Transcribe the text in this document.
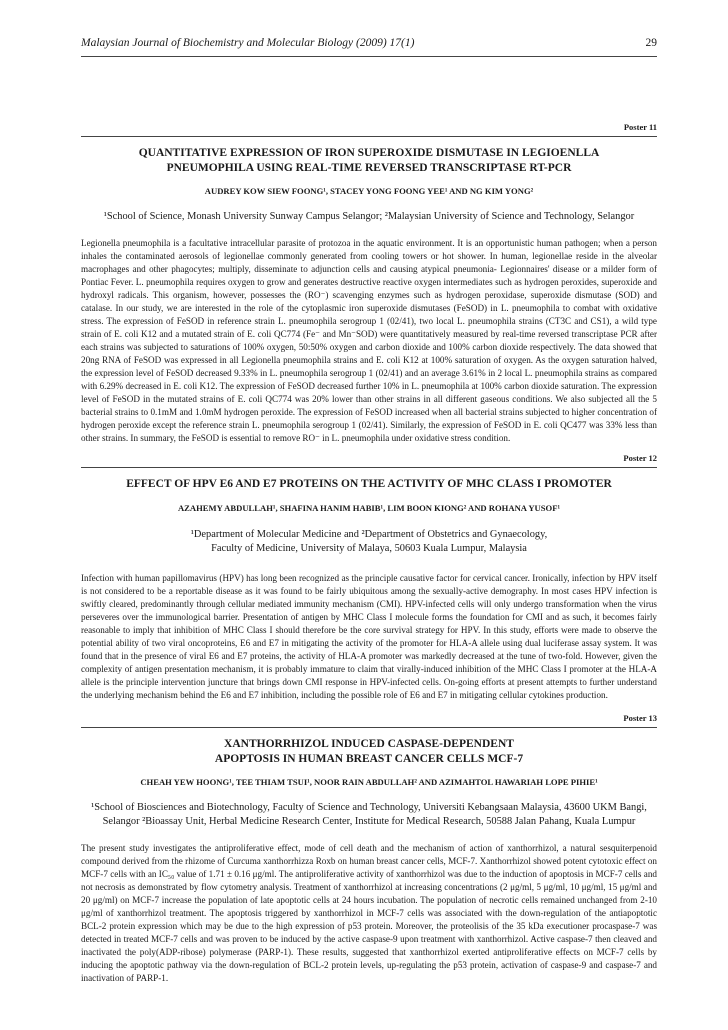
Malaysian Journal of Biochemistry and Molecular Biology (2009) 17(1)	29
Poster 11
QUANTITATIVE EXPRESSION OF IRON SUPEROXIDE DISMUTASE IN LEGIOENLLA
PNEUMOPHILA USING REAL-TIME REVERSED TRANSCRIPTASE RT-PCR
AUDREY KOW SIEW FOONG¹, STACEY YONG FOONG YEE¹ AND NG KIM YONG²
¹School of Science, Monash University Sunway Campus Selangor; ²Malaysian University of Science and Technology, Selangor

Legionella pneumophila is a facultative intracellular parasite of protozoa in the aquatic environment. It is an opportunistic human pathogen; when a person inhales the contaminated aerosols of legionellae commonly generated from cooling towers or hot shower. In human, legionellae reside in the alveolar macrophages and other phagocytes; multiply, disseminate to adjunction cells and causing atypical pneumonia- Legionnaires' disease or a milder form of Pontiac Fever. L. pneumophila requires oxygen to grow and generates destructive reactive oxygen intermediates such as hydrogen peroxides, superoxide and hydroxyl radicals. This organism, however, possesses the (RO⁻) scavenging enzymes such as hydrogen peroxidase, superoxide dismutase (SOD) and catalase. In our study, we are interested in the role of the cytoplasmic iron superoxide dismutases (FeSOD) in L. pneumophila to combat with oxidative stress. The expression of FeSOD in reference strain L. pneumophila serogroup 1 (02/41), two local L. pneumophila strains (CT3C and CS1), a wild type strain of E. coli K12 and a mutated strain of E. coli QC774 (Fe⁻ and Mn⁻SOD) were quantitatively measured by real-time reversed transcriptase PCR after each strains was subjected to saturations of 100% oxygen, 50:50% oxygen and carbon dioxide and 100% carbon dioxide respectively. The data showed that 20ng RNA of FeSOD was expressed in all Legionella pneumophila strains and E. coli K12 at 100% saturation of oxygen. As the oxygen saturation halved, the expression level of FeSOD decreased 9.33% in L. pneumophila serogroup 1 (02/41) and an average 3.61% in 2 local L. pneumophila strains as compared with 6.29% decreased in E. coli K12. The expression of FeSOD decreased further 10% in L. pneumophila at 100% carbon dioxide saturation. The expression level of FeSOD in the mutated strains of E. coli QC774 was 20% lower than other strains in all different gaseous conditions. We also subjected all the 5 bacterial strains to 0.1mM and 1.0mM hydrogen peroxide. The expression of FeSOD increased when all bacterial strains subjected to higher concentration of hydrogen peroxide except the reference strain L. pneumophila serogroup 1 (02/41). Similarly, the expression of FeSOD in E. coli QC477 was 33% less than other strains. In summary, the FeSOD is essential to remove RO⁻ in L. pneumophila under oxidative stress condition.

Poster 12
EFFECT OF HPV E6 AND E7 PROTEINS ON THE ACTIVITY OF MHC CLASS I PROMOTER
AZAHEMY ABDULLAH¹, SHAFINA HANIM HABIB¹, LIM BOON KIONG² AND ROHANA YUSOF¹
¹Department of Molecular Medicine and ²Department of Obstetrics and Gynaecology,
Faculty of Medicine, University of Malaya, 50603 Kuala Lumpur, Malaysia

Infection with human papillomavirus (HPV) has long been recognized as the principle causative factor for cervical cancer. Ironically, infection by HPV itself is not considered to be a reportable disease as it was found to be fairly ubiquitous among the sexually-active demography. In most cases HPV infection is swiftly cleared, predominantly through cellular mediated immunity mechanism (CMI). HPV-infected cells will only undergo transformation when the virus perseveres over the immunological barrier. Presentation of antigen by MHC Class I molecule forms the foundation for CMI and as such, it becomes fairly reasonable to imply that inhibition of MHC Class I should therefore be the core survival strategy for HPV. In this study, efforts were made to observe the potential ability of two viral oncoproteins, E6 and E7 in mitigating the activity of the promoter for HLA-A allele using dual luciferase assay system. It was found that in the presence of viral E6 and E7 proteins, the activity of HLA-A promoter was markedly decreased at the tune of two-fold. However, given the complexity of antigen presentation mechanism, it is probably immature to claim that virally-induced inhibition of the MHC Class I promoter at the HLA-A allele is the principle intervention juncture that brings down CMI response in HPV-infected cells. On-going efforts at present attempts to further understand the underlying mechanism behind the E6 and E7 inhibition, including the possible role of E6 and E7 in mitigating cellular cytokines production.

Poster 13
XANTHORRHIZOL INDUCED CASPASE-DEPENDENT
APOPTOSIS IN HUMAN BREAST CANCER CELLS MCF-7
CHEAH YEW HOONG¹, TEE THIAM TSUI¹, NOOR RAIN ABDULLAH² AND AZIMAHTOL HAWARIAH LOPE PIHIE¹
¹School of Biosciences and Biotechnology, Faculty of Science and Technology, Universiti Kebangsaan Malaysia, 43600 UKM Bangi,
Selangor ²Bioassay Unit, Herbal Medicine Research Center, Institute for Medical Research, 50588 Jalan Pahang, Kuala Lumpur

The present study investigates the antiproliferative effect, mode of cell death and the mechanism of action of xanthorrhizol, a natural sesquiterpenoid compound derived from the rhizome of Curcuma xanthorrhizza Roxb on human breast cancer cells, MCF-7. Xanthorrhizol showed potent cytotoxic effect on MCF-7 cells with an IC₅₀ value of 1.71 ± 0.16 μg/ml. The antiproliferative activity of xanthorrhizol was due to the induction of apoptosis in MCF-7 cells and not necrosis as demonstrated by flow cytometry analysis. Treatment of xanthorrhizol at increasing concentrations (2 μg/ml, 5 μg/ml, 10 μg/ml, 15 μg/ml and 20 μg/ml) on MCF-7 increase the population of late apoptotic cells at 24 hours incubation. The population of necrotic cells remained unchanged from 2-10 μg/ml of xanthorrhizol treatment. The apoptosis triggered by xanthorrhizol in MCF-7 cells was associated with the down-regulation of the antiapoptotic BCL-2 protein expression which may be due to the high expression of p53 protein. Moreover, the proteolisis of the 35 kDa executioner procaspase-7 was detected in treated MCF-7 cells and was proven to be induced by the active caspase-9 upon treatment with xanthorrhizol. Active caspase-7 then cleaved and inactivated the poly(ADP-ribose) polymerase (PARP-1). These results, suggested that xanthorrhizol exerted antiproliferative effects on MCF-7 cells by inducing the apoptotic pathway via the down-regulation of BCL-2 protein levels, up-regulating the p53 protein, activation of caspase-9 and caspase-7 and inactivation of PARP-1.
